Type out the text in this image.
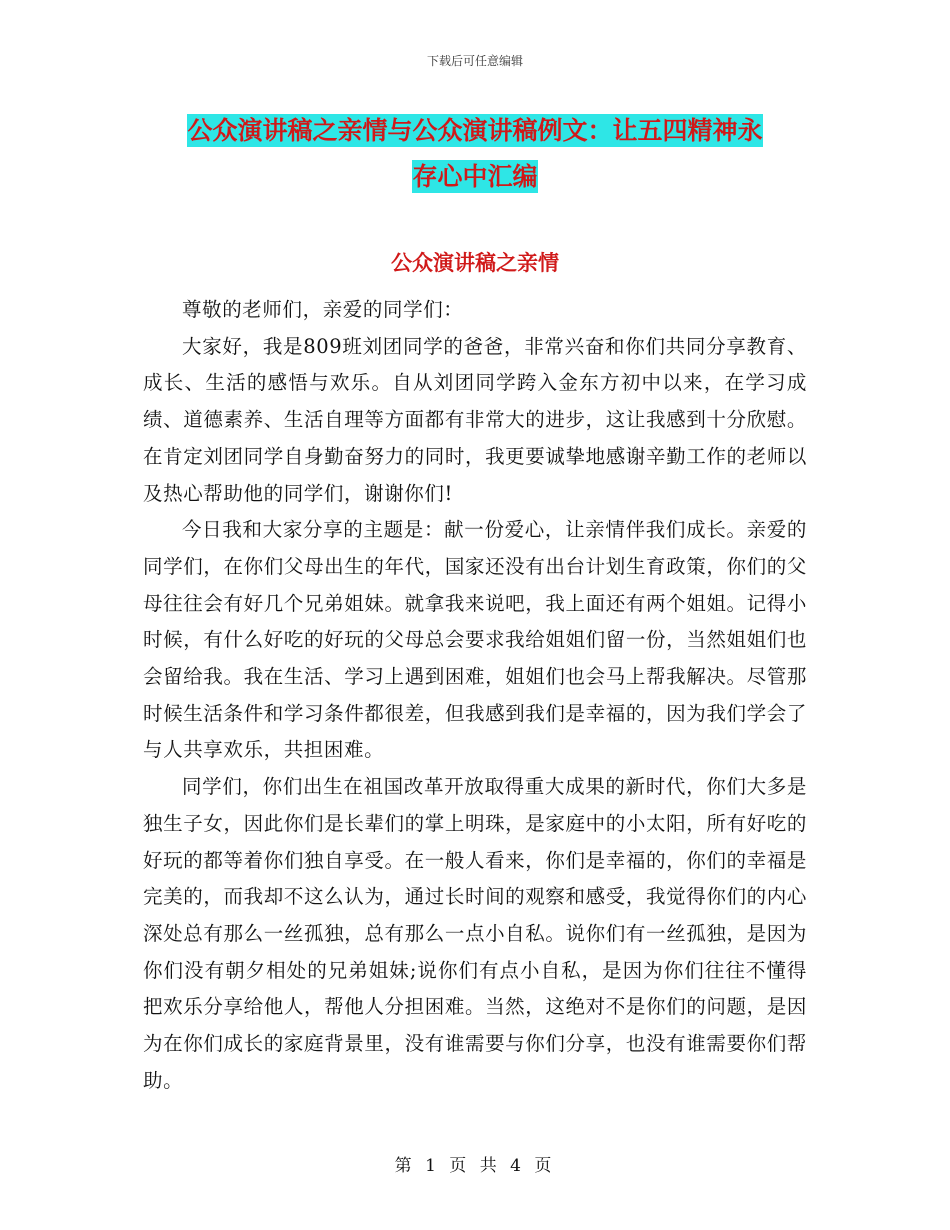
下载后可任意编辑
公众演讲稿之亲情与公众演讲稿例文：让五四精神永
存心中汇编
公众演讲稿之亲情

尊敬的老师们，亲爱的同学们：

大家好，我是809班刘团同学的爸爸，非常兴奋和你们共同分享教育、成长、生活的感悟与欢乐。自从刘团同学跨入金东方初中以来，在学习成绩、道德素养、生活自理等方面都有非常大的进步，这让我感到十分欣慰。在肯定刘团同学自身勤奋努力的同时，我更要诚挚地感谢辛勤工作的老师以及热心帮助他的同学们，谢谢你们!

今日我和大家分享的主题是：献一份爱心，让亲情伴我们成长。亲爱的同学们，在你们父母出生的年代，国家还没有出台计划生育政策，你们的父母往往会有好几个兄弟姐妹。就拿我来说吧，我上面还有两个姐姐。记得小时候，有什么好吃的好玩的父母总会要求我给姐姐们留一份，当然姐姐们也会留给我。我在生活、学习上遇到困难，姐姐们也会马上帮我解决。尽管那时候生活条件和学习条件都很差，但我感到我们是幸福的，因为我们学会了与人共享欢乐，共担困难。

同学们，你们出生在祖国改革开放取得重大成果的新时代，你们大多是独生子女，因此你们是长辈们的掌上明珠，是家庭中的小太阳，所有好吃的好玩的都等着你们独自享受。在一般人看来，你们是幸福的，你们的幸福是完美的，而我却不这么认为，通过长时间的观察和感受，我觉得你们的内心深处总有那么一丝孤独，总有那么一点小自私。说你们有一丝孤独，是因为你们没有朝夕相处的兄弟姐妹;说你们有点小自私，是因为你们往往不懂得把欢乐分享给他人，帮他人分担困难。当然，这绝对不是你们的问题，是因为在你们成长的家庭背景里，没有谁需要与你们分享，也没有谁需要你们帮助。

第 1 页 共 4 页
